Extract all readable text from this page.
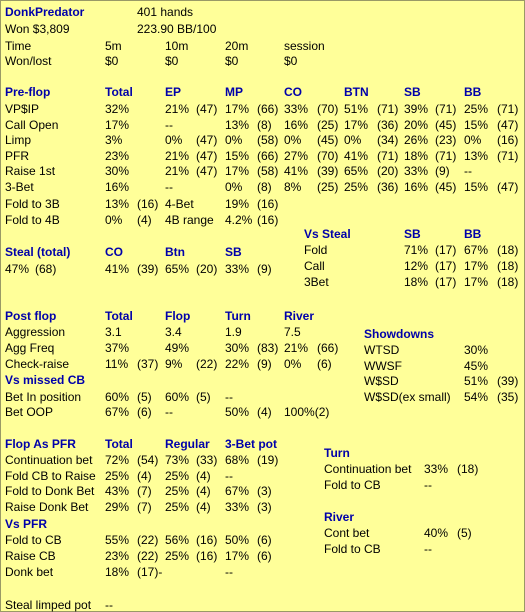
DonkPredator	401 hands
Won $3,809	223.90 BB/100
Time	5m	10m	20m	session
Won/lost	$0	$0	$0	$0
Pre-flop	Total	EP	MP	CO	BTN	SB	BB
VP$IP	32%	21% (47) 17% (66) 33% (70) 51% (71) 39% (71) 25% (71)
Call Open	17%	--	13% (8) 16% (25) 17% (36) 20% (45) 15% (47)
Limp	3%	0% (47) 0% (58) 0% (45) 0% (34) 26% (23) 0% (16)
PFR	23%	21% (47) 15% (66) 27% (70) 41% (71) 18% (71) 13% (71)
Raise 1st	30%	21% (47) 17% (58) 41% (39) 65% (20) 33% (9) --
3-Bet	16%	--	0% (8) 8% (25) 25% (36) 16% (45) 15% (47)
Fold to 3B	13% (16) 4-Bet	19% (16)
Fold to 4B	0% (4) 4B range 4.2% (16)
Vs Steal	SB	BB
Fold	71% (17) 67% (18)
Call	12% (17) 17% (18)
3Bet	18% (17) 17% (18)
Steal (total)	CO	Btn	SB
47% (68)	41% (39) 65% (20) 33% (9)
Post flop	Total	Flop	Turn	River
Aggression	3.1	3.4	1.9	7.5
Agg Freq	37%	49%	30% (83) 21% (66)
Check-raise	11% (37) 9% (22) 22% (9) 0% (6)
Vs missed CB
Bet In position 60% (5) 60% (5) --
Bet OOP	67% (6) --	50% (4) 100%(2)
Showdowns
WTSD	30%
WWSF	45%
W$SD	51% (39)
W$SD(ex small) 54% (35)
Flop As PFR Total	Regular 3-Bet pot
Continuation bet 72% (54) 73% (33) 68% (19)
Fold CB to Raise 25% (4) 25% (4) --
Fold to Donk Bet 43% (7) 25% (4) 67% (3)
Raise Donk Bet 29% (7) 25% (4) 33% (3)
Vs PFR
Fold to CB	55% (22) 56% (16) 50% (6)
Raise CB	23% (22) 25% (16) 17% (6)
Donk bet	18% (17)-	--
Turn
Continuation bet 33% (18)
Fold to CB	--
River
Cont bet	40% (5)
Fold to CB	--
Steal limped pot --
